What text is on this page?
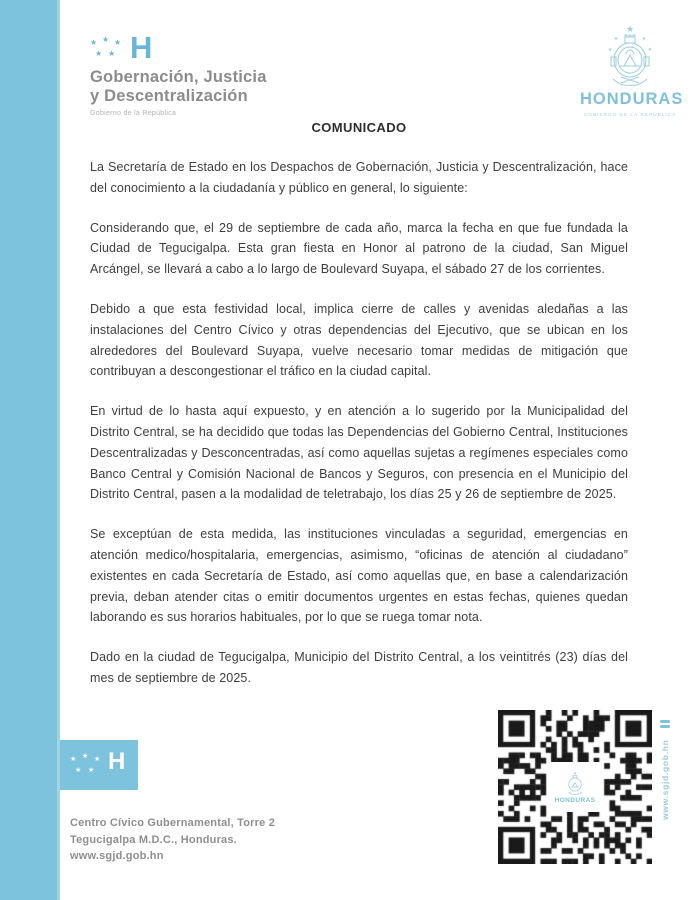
★
★
★
★
★
H
Gobernación, Justicia
y Descentralización
Gobierno de la República
★
★	★
★	★
HONDURAS
GOBIERNO DE LA REPÚBLICA
COMUNICADO

La Secretaría de Estado en los Despachos de Gobernación, Justicia y Descentralización, hace del conocimiento a la ciudadanía y público en general, lo siguiente:

Considerando que, el 29 de septiembre de cada año, marca la fecha en que fue fundada la Ciudad de Tegucigalpa. Esta gran fiesta en Honor al patrono de la ciudad, San Miguel Arcángel, se llevará a cabo a lo largo de Boulevard Suyapa, el sábado 27 de los corrientes.

Debido a que esta festividad local, implica cierre de calles y avenidas aledañas a las instalaciones del Centro Cívico y otras dependencias del Ejecutivo, que se ubican en los alrededores del Boulevard Suyapa, vuelve necesario tomar medidas de mitigación que contribuyan a descongestionar el tráfico en la ciudad capital.

En virtud de lo hasta aquí expuesto, y en atención a lo sugerido por la Municipalidad del Distrito Central, se ha decidido que todas las Dependencias del Gobierno Central, Instituciones Descentralizadas y Desconcentradas, así como aquellas sujetas a regímenes especiales como Banco Central y Comisión Nacional de Bancos y Seguros, con presencia en el Municipio del Distrito Central, pasen a la modalidad de teletrabajo, los días 25 y 26 de septiembre de 2025.

Se exceptúan de esta medida, las instituciones vinculadas a seguridad, emergencias en atención medico/hospitalaria, emergencias, asimismo, “oficinas de atención al ciudadano” existentes en cada Secretaría de Estado, así como aquellas que, en base a calendarización previa, deban atender citas o emitir documentos urgentes en estas fechas, quienes quedan laborando es sus horarios habituales, por lo que se ruega tomar nota.

Dado en la ciudad de Tegucigalpa, Municipio del Distrito Central, a los veintitrés (23) días del mes de septiembre de 2025.

★
★
★
★
★
H
Centro Cívico Gubernamental, Torre 2
Tegucigalpa M.D.C., Honduras.
www.sgjd.gob.hn
★
HONDURAS	www.sgjd.gob.hn
